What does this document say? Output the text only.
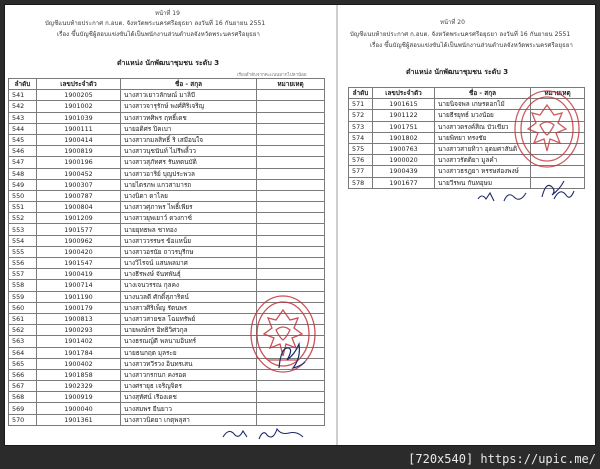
หน้าที่ 19
บัญชีแนบท้ายประกาศ ก.อบต. จังหวัดพระนครศรีอยุธยา ลงวันที่ 16 กันยายน 2551
เรื่อง ขึ้นบัญชีผู้สอบแข่งขันได้เป็นพนักงานส่วนตำบลจังหวัดพระนครศรีอยุธยา
ตำแหน่ง นักพัฒนาชุมชน ระดับ 3
เรียงลำดับจากคะแนนมากไปหาน้อย
ลำดับ	เลขประจำตัว	ชื่อ - สกุล	หมายเหตุ
541	1900205	นางสาวเยาวลักษณ์ มาลิบี	
542	1901002	นางสาวจารุรักษ์ พงศ์ศิริเจริญ	
543	1901039	นางสาวทศิพร ฤทธิ์เดช	
544	1900111	นายอดิศร ปิคเบา	
545	1900414	นางสาวกมลสิทธิ์ ริ เสมือนใจ	
546	1900819	นางสาวนุชนันท์ ไม่รีพลิ้วว	
547	1900196	นางสาวสุภัทศร รันทตนบัติ	
548	1900452	นางสาวอาริย์ บุญประพวล	
549	1900307	นายไตรภพ แกวสามารถ	
550	1900787	นางนิดา ดาไลย	
551	1900804	นางสาวศุภาพร ไพธิ์เพียร	
552	1901209	นางสาวยุพเยาว์ ดวงกาซ์	
553	1901577	นายยุทธพล ชาทอง	
554	1900962	นางสาววรรษร ข้อแหน็ย	
555	1900420	นางสาวอรนัย ถาวรบุรีกษ	
556	1901547	นางวิไรจน์ แสนพลมาศ	
557	1900419	นางธีรพงษ์ จันทพันธุ์	
558	1900714	นางเจนวรรณ กุลคง	
559	1901190	นางนวลดี ศักดิ์สุภาริตน์	
560	1900179	นางสาวศิริเพ็ญ รัตนพร	
561	1900813	นางสาวสายชล โฉมทรัพย์	
562	1900293	นายพงษ์กร อิทธิวิศวกุล	
563	1901402	นางธรณญ์ดี พลนามอินทร์	
564	1901784	นายธนกฤต มุลระย	
565	1900402	นางสาวทวีรวง อินทรเสน	
566	1901858	นางสาวกรกนก คงรอด	
567	1902329	นางศรายุธ เจริญจิตร	
568	1900919	นางสุทัศน์ เรืองเดช	
569	1900040	นางสมพร ยืนยาว	
570	1901361	นางสาวนิดยา เกตุพลุสา	
หน้าที่ 20
บัญชีแนบท้ายประกาศ ก.อบต. จังหวัดพระนครศรีอยุธยา ลงวันที่ 16 กันยายน 2551
เรื่อง ขึ้นบัญชีผู้สอบแข่งขันได้เป็นพนักงานส่วนตำบลจังหวัดพระนครศรีอยุธยา
ตำแหน่ง นักพัฒนาชุมชน ระดับ 3
ลำดับ	เลขประจำตัว	ชื่อ - สกุล	หมายเหตุ
571	1901615	นายนิจจพล เกษรดอกไม้	
572	1901122	นายธีรยุทธ์ มวงน้อย	
573	1901751	นางสาวดรงค์สิณ บัวเขียว	
574	1901802	นายพิทยา ทรงชัย	
575	1900763	นางสาวสายทิวา อุตมศาสันติ	
576	1900020	นางสาวรัตติยา มูลคำ	
577	1900439	นางสาวธรฎยา หรรษส่องพงษ์	
578	1901677	นายวีรพน กันทอุษม	
[720x540] https://upic.me/
